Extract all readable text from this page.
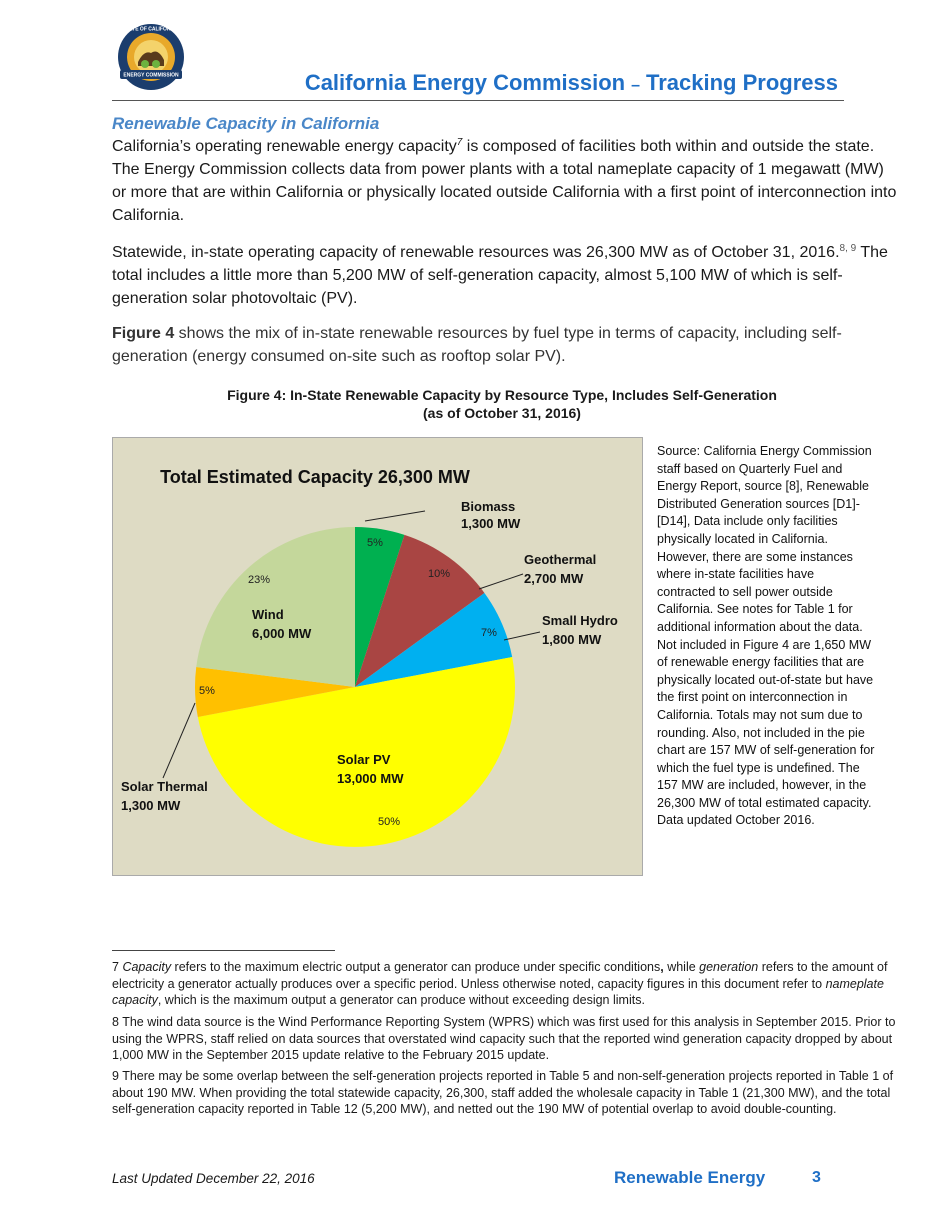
STATE OF CALIFORNIA
ENERGY COMMISSION	California Energy Commission – Tracking Progress
Renewable Capacity in California
California’s operating renewable energy capacity$^7$ is composed of facilities both within and outside the state. The Energy Commission collects data from power plants with a total nameplate capacity of 1 megawatt (MW) or more that are within California or physically located outside California with a first point of interconnection into California.
Statewide, in-state operating capacity of renewable resources was 26,300 MW as of October 31, 2016.$^{8, 9}$ The total includes a little more than 5,200 MW of self-generation capacity, almost 5,100 MW of which is self-generation solar photovoltaic (PV).
Figure 4 shows the mix of in-state renewable resources by fuel type in terms of capacity, including self-generation (energy consumed on-site such as rooftop solar PV).
Figure 4: In-State Renewable Capacity by Resource Type, Includes Self-Generation
(as of October 31, 2016)
Total Estimated Capacity 26,300 MW
5%
10%
7%
50%
5%
23%
Biomass
1,300 MW
Geothermal
2,700 MW
Small Hydro
1,800 MW
Solar PV
13,000 MW
Solar Thermal
1,300 MW
Wind
6,000 MW
Source: California Energy Commission staff based on Quarterly Fuel and Energy Report, source [8], Renewable Distributed Generation sources [D1]-[D14], Data include only facilities physically located in California. However, there are some instances where in-state facilities have contracted to sell power outside California. See notes for Table 1 for additional information about the data. Not included in Figure 4 are 1,650 MW of renewable energy facilities that are physically located out-of-state but have the first point on interconnection in California. Totals may not sum due to rounding. Also, not included in the pie chart are 157 MW of self-generation for which the fuel type is undefined. The 157 MW are included, however, in the 26,300 MW of total estimated capacity. Data updated October 2016.
7 Capacity refers to the maximum electric output a generator can produce under specific conditions, while generation refers to the amount of electricity a generator actually produces over a specific period. Unless otherwise noted, capacity figures in this document refer to nameplate capacity, which is the maximum output a generator can produce without exceeding design limits.
8 The wind data source is the Wind Performance Reporting System (WPRS) which was first used for this analysis in September 2015. Prior to using the WPRS, staff relied on data sources that overstated wind capacity such that the reported wind generation capacity dropped by about 1,000 MW in the September 2015 update relative to the February 2015 update.
9 There may be some overlap between the self-generation projects reported in Table 5 and non-self-generation projects reported in Table 1 of about 190 MW. When providing the total statewide capacity, 26,300, staff added the wholesale capacity in Table 1 (21,300 MW), and the total self-generation capacity reported in Table 12 (5,200 MW), and netted out the 190 MW of potential overlap to avoid double-counting.
Last Updated December 22, 2016	Renewable Energy	3
